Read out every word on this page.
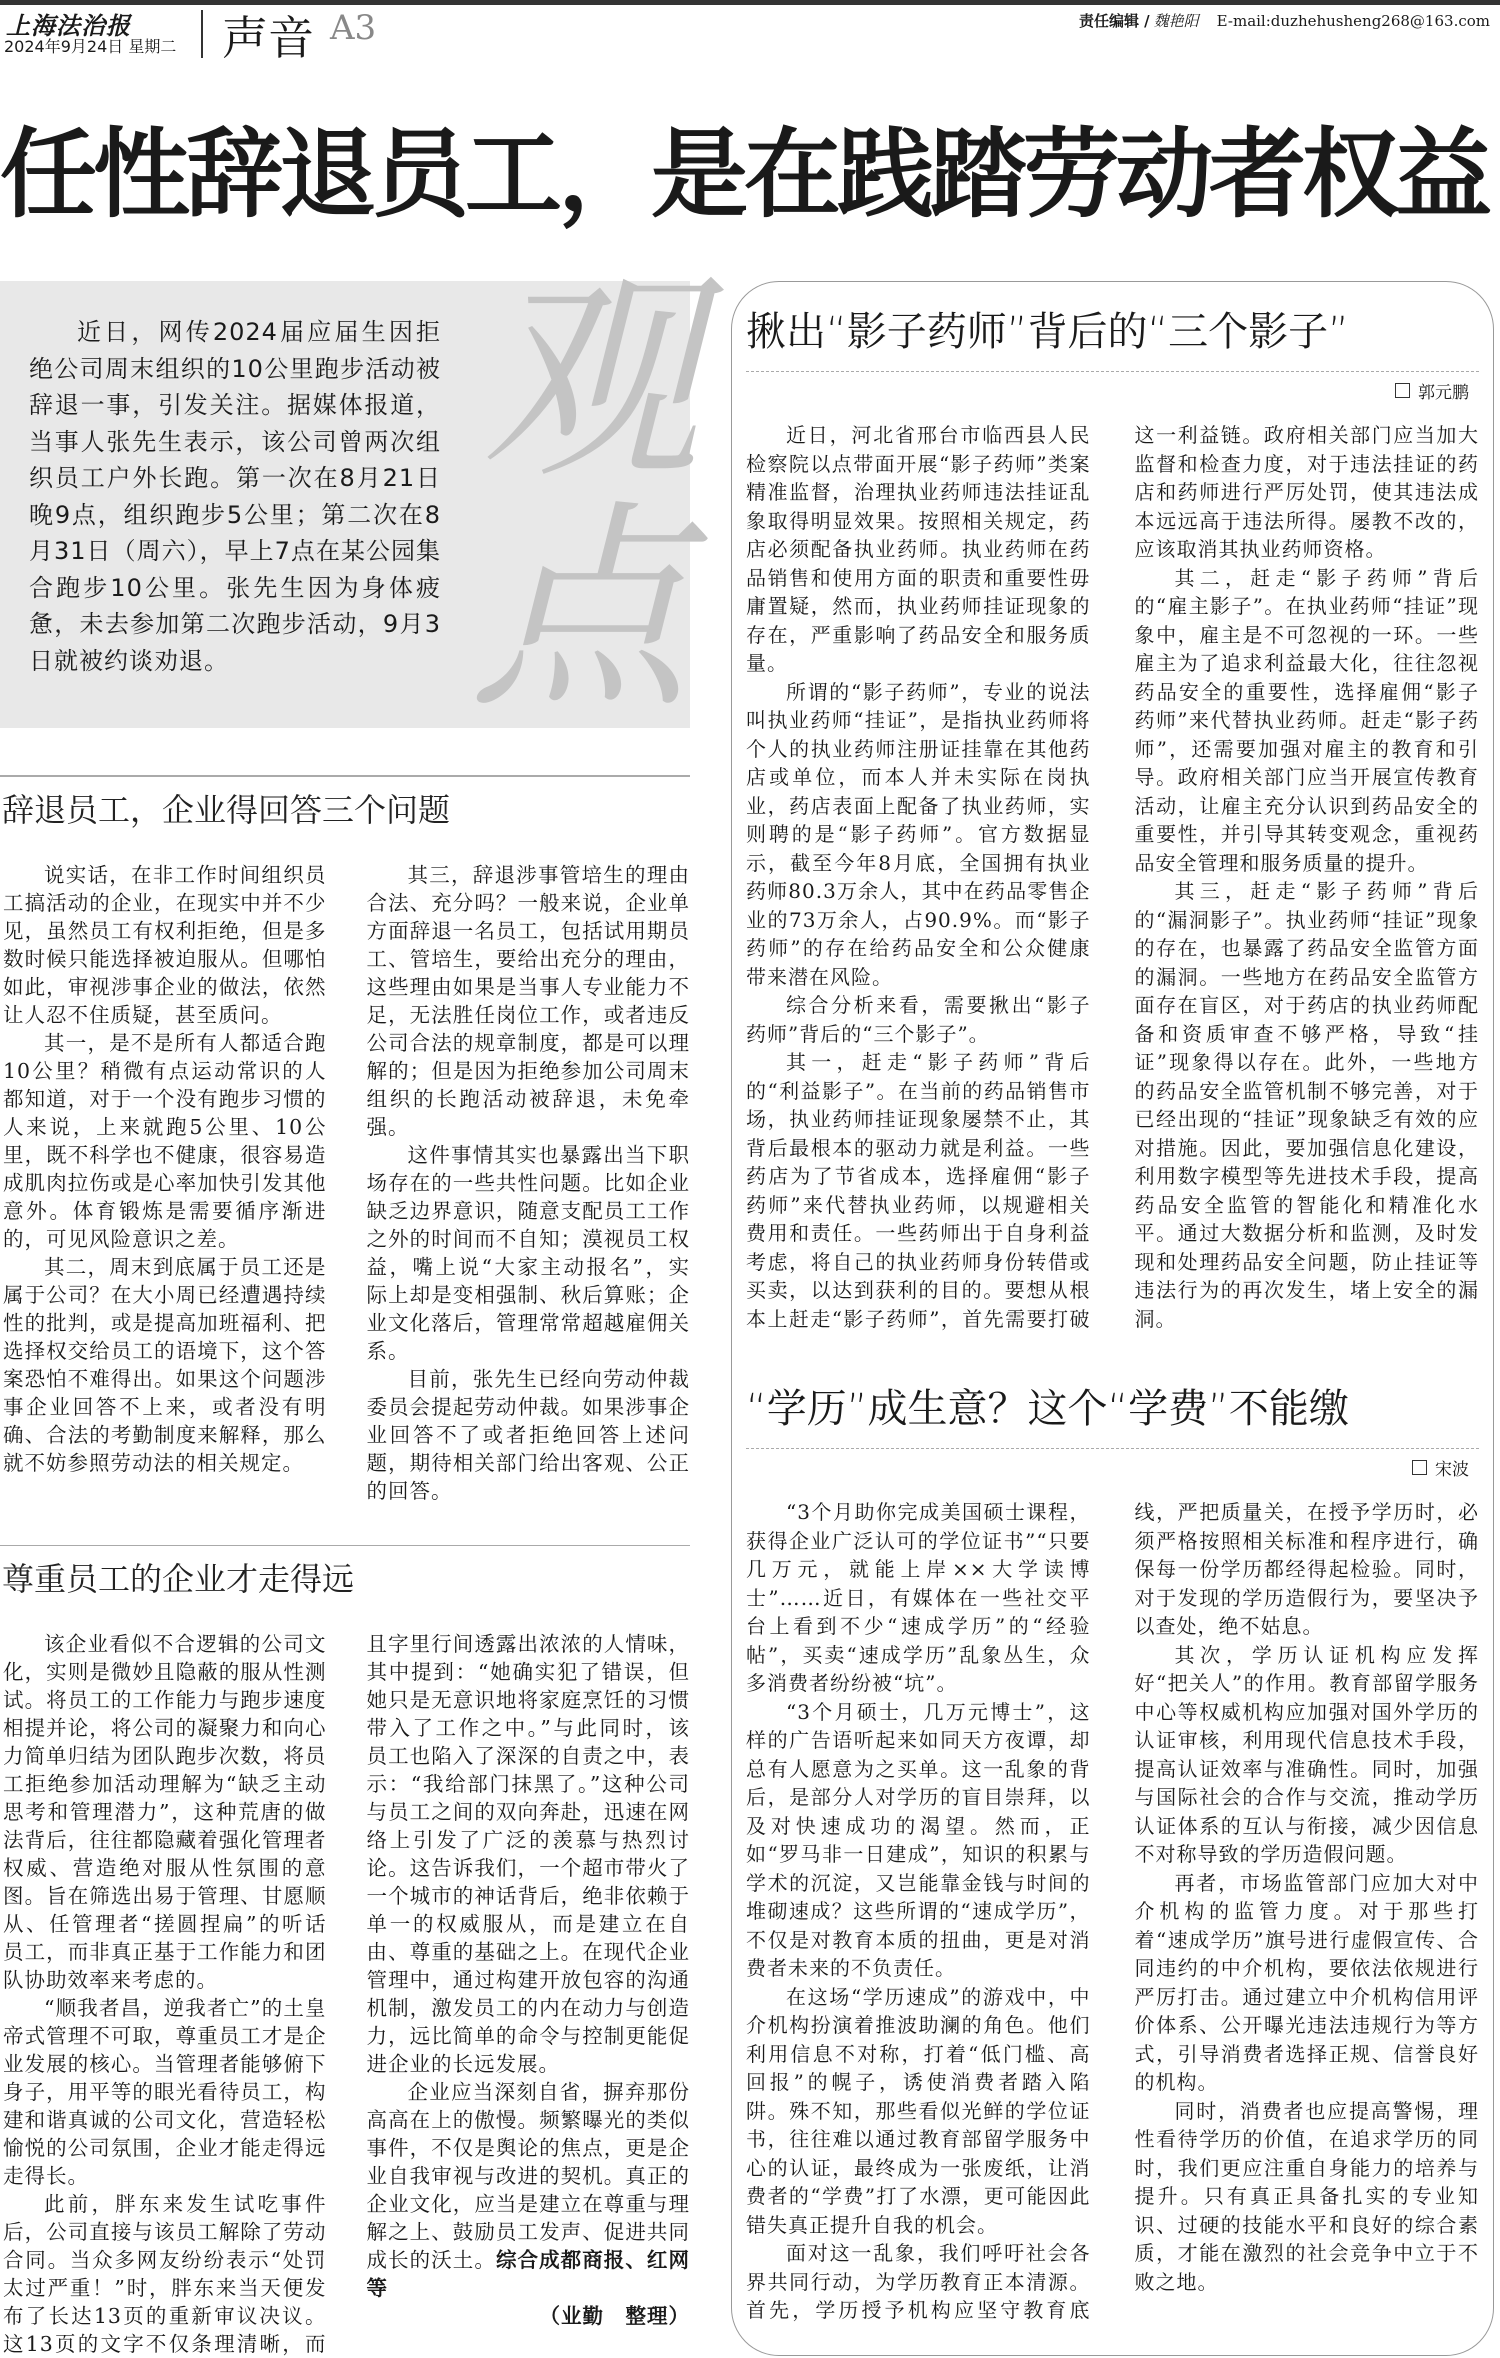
上海法治报
2024年9月24日 星期二 声音 A3	责任编辑 / 魏艳阳 E-mail:duzhehusheng268@163.com
任性辞退员工，是在践踏劳动者权益
观
点

近日，网传2024届应届生因拒绝公司周末组织的10公里跑步活动被辞退一事，引发关注。据媒体报道，当事人张先生表示，该公司曾两次组织员工户外长跑。第一次在8月21日晚9点，组织跑步5公里；第二次在8月31日（周六），早上7点在某公园集合跑步10公里。张先生因为身体疲惫，未去参加第二次跑步活动，9月3日就被约谈劝退。

辞退员工，企业得回答三个问题

说实话，在非工作时间组织员工搞活动的企业，在现实中并不少见，虽然员工有权利拒绝，但是多数时候只能选择被迫服从。但哪怕如此，审视涉事企业的做法，依然让人忍不住质疑，甚至质问。

其一，是不是所有人都适合跑10公里？稍微有点运动常识的人都知道，对于一个没有跑步习惯的人来说，上来就跑5公里、10公里，既不科学也不健康，很容易造成肌肉拉伤或是心率加快引发其他意外。体育锻炼是需要循序渐进的，可见风险意识之差。

其二，周末到底属于员工还是属于公司？在大小周已经遭遇持续性的批判，或是提高加班福利、把选择权交给员工的语境下，这个答案恐怕不难得出。如果这个问题涉事企业回答不上来，或者没有明确、合法的考勤制度来解释，那么就不妨参照劳动法的相关规定。

其三，辞退涉事管培生的理由合法、充分吗？一般来说，企业单方面辞退一名员工，包括试用期员工、管培生，要给出充分的理由，这些理由如果是当事人专业能力不足，无法胜任岗位工作，或者违反公司合法的规章制度，都是可以理解的；但是因为拒绝参加公司周末组织的长跑活动被辞退，未免牵强。

这件事情其实也暴露出当下职场存在的一些共性问题。比如企业缺乏边界意识，随意支配员工工作之外的时间而不自知；漠视员工权益，嘴上说“大家主动报名”，实际上却是变相强制、秋后算账；企业文化落后，管理常常超越雇佣关系。

目前，张先生已经向劳动仲裁委员会提起劳动仲裁。如果涉事企业回答不了或者拒绝回答上述问题，期待相关部门给出客观、公正的回答。

尊重员工的企业才走得远

该企业看似不合逻辑的公司文化，实则是微妙且隐蔽的服从性测试。将员工的工作能力与跑步速度相提并论，将公司的凝聚力和向心力简单归结为团队跑步次数，将员工拒绝参加活动理解为“缺乏主动思考和管理潜力”，这种荒唐的做法背后，往往都隐藏着强化管理者权威、营造绝对服从性氛围的意图。旨在筛选出易于管理、甘愿顺从、任管理者“搓圆捏扁”的听话员工，而非真正基于工作能力和团队协助效率来考虑的。

“顺我者昌，逆我者亡”的土皇帝式管理不可取，尊重员工才是企业发展的核心。当管理者能够俯下身子，用平等的眼光看待员工，构建和谐真诚的公司文化，营造轻松愉悦的公司氛围，企业才能走得远走得长。

此前，胖东来发生试吃事件后，公司直接与该员工解除了劳动合同。当众多网友纷纷表示“处罚太过严重！”时，胖东来当天便发布了长达13页的重新审议决议。这13页的文字不仅条理清晰，而且字里行间透露出浓浓的人情味，其中提到：“她确实犯了错误，但她只是无意识地将家庭烹饪的习惯带入了工作之中。”与此同时，该员工也陷入了深深的自责之中，表示：“我给部门抹黑了。”这种公司与员工之间的双向奔赴，迅速在网络上引发了广泛的羡慕与热烈讨论。这告诉我们，一个超市带火了一个城市的神话背后，绝非依赖于单一的权威服从，而是建立在自由、尊重的基础之上。在现代企业管理中，通过构建开放包容的沟通机制，激发员工的内在动力与创造力，远比简单的命令与控制更能促进企业的长远发展。

企业应当深刻自省，摒弃那份高高在上的傲慢。频繁曝光的类似事件，不仅是舆论的焦点，更是企业自我审视与改进的契机。真正的企业文化，应当是建立在尊重与理解之上、鼓励员工发声、促进共同成长的沃土。综合成都商报、红网等

（业勤　整理）

揪出“影子药师”背后的“三个影子”
郭元鹏

近日，河北省邢台市临西县人民检察院以点带面开展“影子药师”类案精准监督，治理执业药师违法挂证乱象取得明显效果。按照相关规定，药店必须配备执业药师。执业药师在药品销售和使用方面的职责和重要性毋庸置疑，然而，执业药师挂证现象的存在，严重影响了药品安全和服务质量。

所谓的“影子药师”，专业的说法叫执业药师“挂证”，是指执业药师将个人的执业药师注册证挂靠在其他药店或单位，而本人并未实际在岗执业，药店表面上配备了执业药师，实则聘的是“影子药师”。官方数据显示，截至今年8月底，全国拥有执业药师80.3万余人，其中在药品零售企业的73万余人，占90.9%。而“影子药师”的存在给药品安全和公众健康带来潜在风险。

综合分析来看，需要揪出“影子药师”背后的“三个影子”。

其一，赶走“影子药师”背后的“利益影子”。在当前的药品销售市场，执业药师挂证现象屡禁不止，其背后最根本的驱动力就是利益。一些药店为了节省成本，选择雇佣“影子药师”来代替执业药师，以规避相关费用和责任。一些药师出于自身利益考虑，将自己的执业药师身份转借或买卖，以达到获利的目的。要想从根本上赶走“影子药师”，首先需要打破这一利益链。政府相关部门应当加大监督和检查力度，对于违法挂证的药店和药师进行严厉处罚，使其违法成本远远高于违法所得。屡教不改的，应该取消其执业药师资格。

其二，赶走“影子药师”背后的“雇主影子”。在执业药师“挂证”现象中，雇主是不可忽视的一环。一些雇主为了追求利益最大化，往往忽视药品安全的重要性，选择雇佣“影子药师”来代替执业药师。赶走“影子药师”，还需要加强对雇主的教育和引导。政府相关部门应当开展宣传教育活动，让雇主充分认识到药品安全的重要性，并引导其转变观念，重视药品安全管理和服务质量的提升。

其三，赶走“影子药师”背后的“漏洞影子”。执业药师“挂证”现象的存在，也暴露了药品安全监管方面的漏洞。一些地方在药品安全监管方面存在盲区，对于药店的执业药师配备和资质审查不够严格，导致“挂证”现象得以存在。此外，一些地方的药品安全监管机制不够完善，对于已经出现的“挂证”现象缺乏有效的应对措施。因此，要加强信息化建设，利用数字模型等先进技术手段，提高药品安全监管的智能化和精准化水平。通过大数据分析和监测，及时发现和处理药品安全问题，防止挂证等违法行为的再次发生，堵上安全的漏洞。

“学历”成生意？这个“学费”不能缴
宋波

“3个月助你完成美国硕士课程，获得企业广泛认可的学位证书”“只要几万元，就能上岸××大学读博士”……近日，有媒体在一些社交平台上看到不少“速成学历”的“经验帖”，买卖“速成学历”乱象丛生，众多消费者纷纷被“坑”。

“3个月硕士，几万元博士”，这样的广告语听起来如同天方夜谭，却总有人愿意为之买单。这一乱象的背后，是部分人对学历的盲目崇拜，以及对快速成功的渴望。然而，正如“罗马非一日建成”，知识的积累与学术的沉淀，又岂能靠金钱与时间的堆砌速成？这些所谓的“速成学历”，不仅是对教育本质的扭曲，更是对消费者未来的不负责任。

在这场“学历速成”的游戏中，中介机构扮演着推波助澜的角色。他们利用信息不对称，打着“低门槛、高回报”的幌子，诱使消费者踏入陷阱。殊不知，那些看似光鲜的学位证书，往往难以通过教育部留学服务中心的认证，最终成为一张废纸，让消费者的“学费”打了水漂，更可能因此错失真正提升自我的机会。

面对这一乱象，我们呼吁社会各界共同行动，为学历教育正本清源。首先，学历授予机构应坚守教育底线，严把质量关，在授予学历时，必须严格按照相关标准和程序进行，确保每一份学历都经得起检验。同时，对于发现的学历造假行为，要坚决予以查处，绝不姑息。

其次，学历认证机构应发挥好“把关人”的作用。教育部留学服务中心等权威机构应加强对国外学历的认证审核，利用现代信息技术手段，提高认证效率与准确性。同时，加强与国际社会的合作与交流，推动学历认证体系的互认与衔接，减少因信息不对称导致的学历造假问题。

再者，市场监管部门应加大对中介机构的监管力度。对于那些打着“速成学历”旗号进行虚假宣传、合同违约的中介机构，要依法依规进行严厉打击。通过建立中介机构信用评价体系、公开曝光违法违规行为等方式，引导消费者选择正规、信誉良好的机构。

同时，消费者也应提高警惕，理性看待学历的价值，在追求学历的同时，我们更应注重自身能力的培养与提升。只有真正具备扎实的专业知识、过硬的技能水平和良好的综合素质，才能在激烈的社会竞争中立于不败之地。
